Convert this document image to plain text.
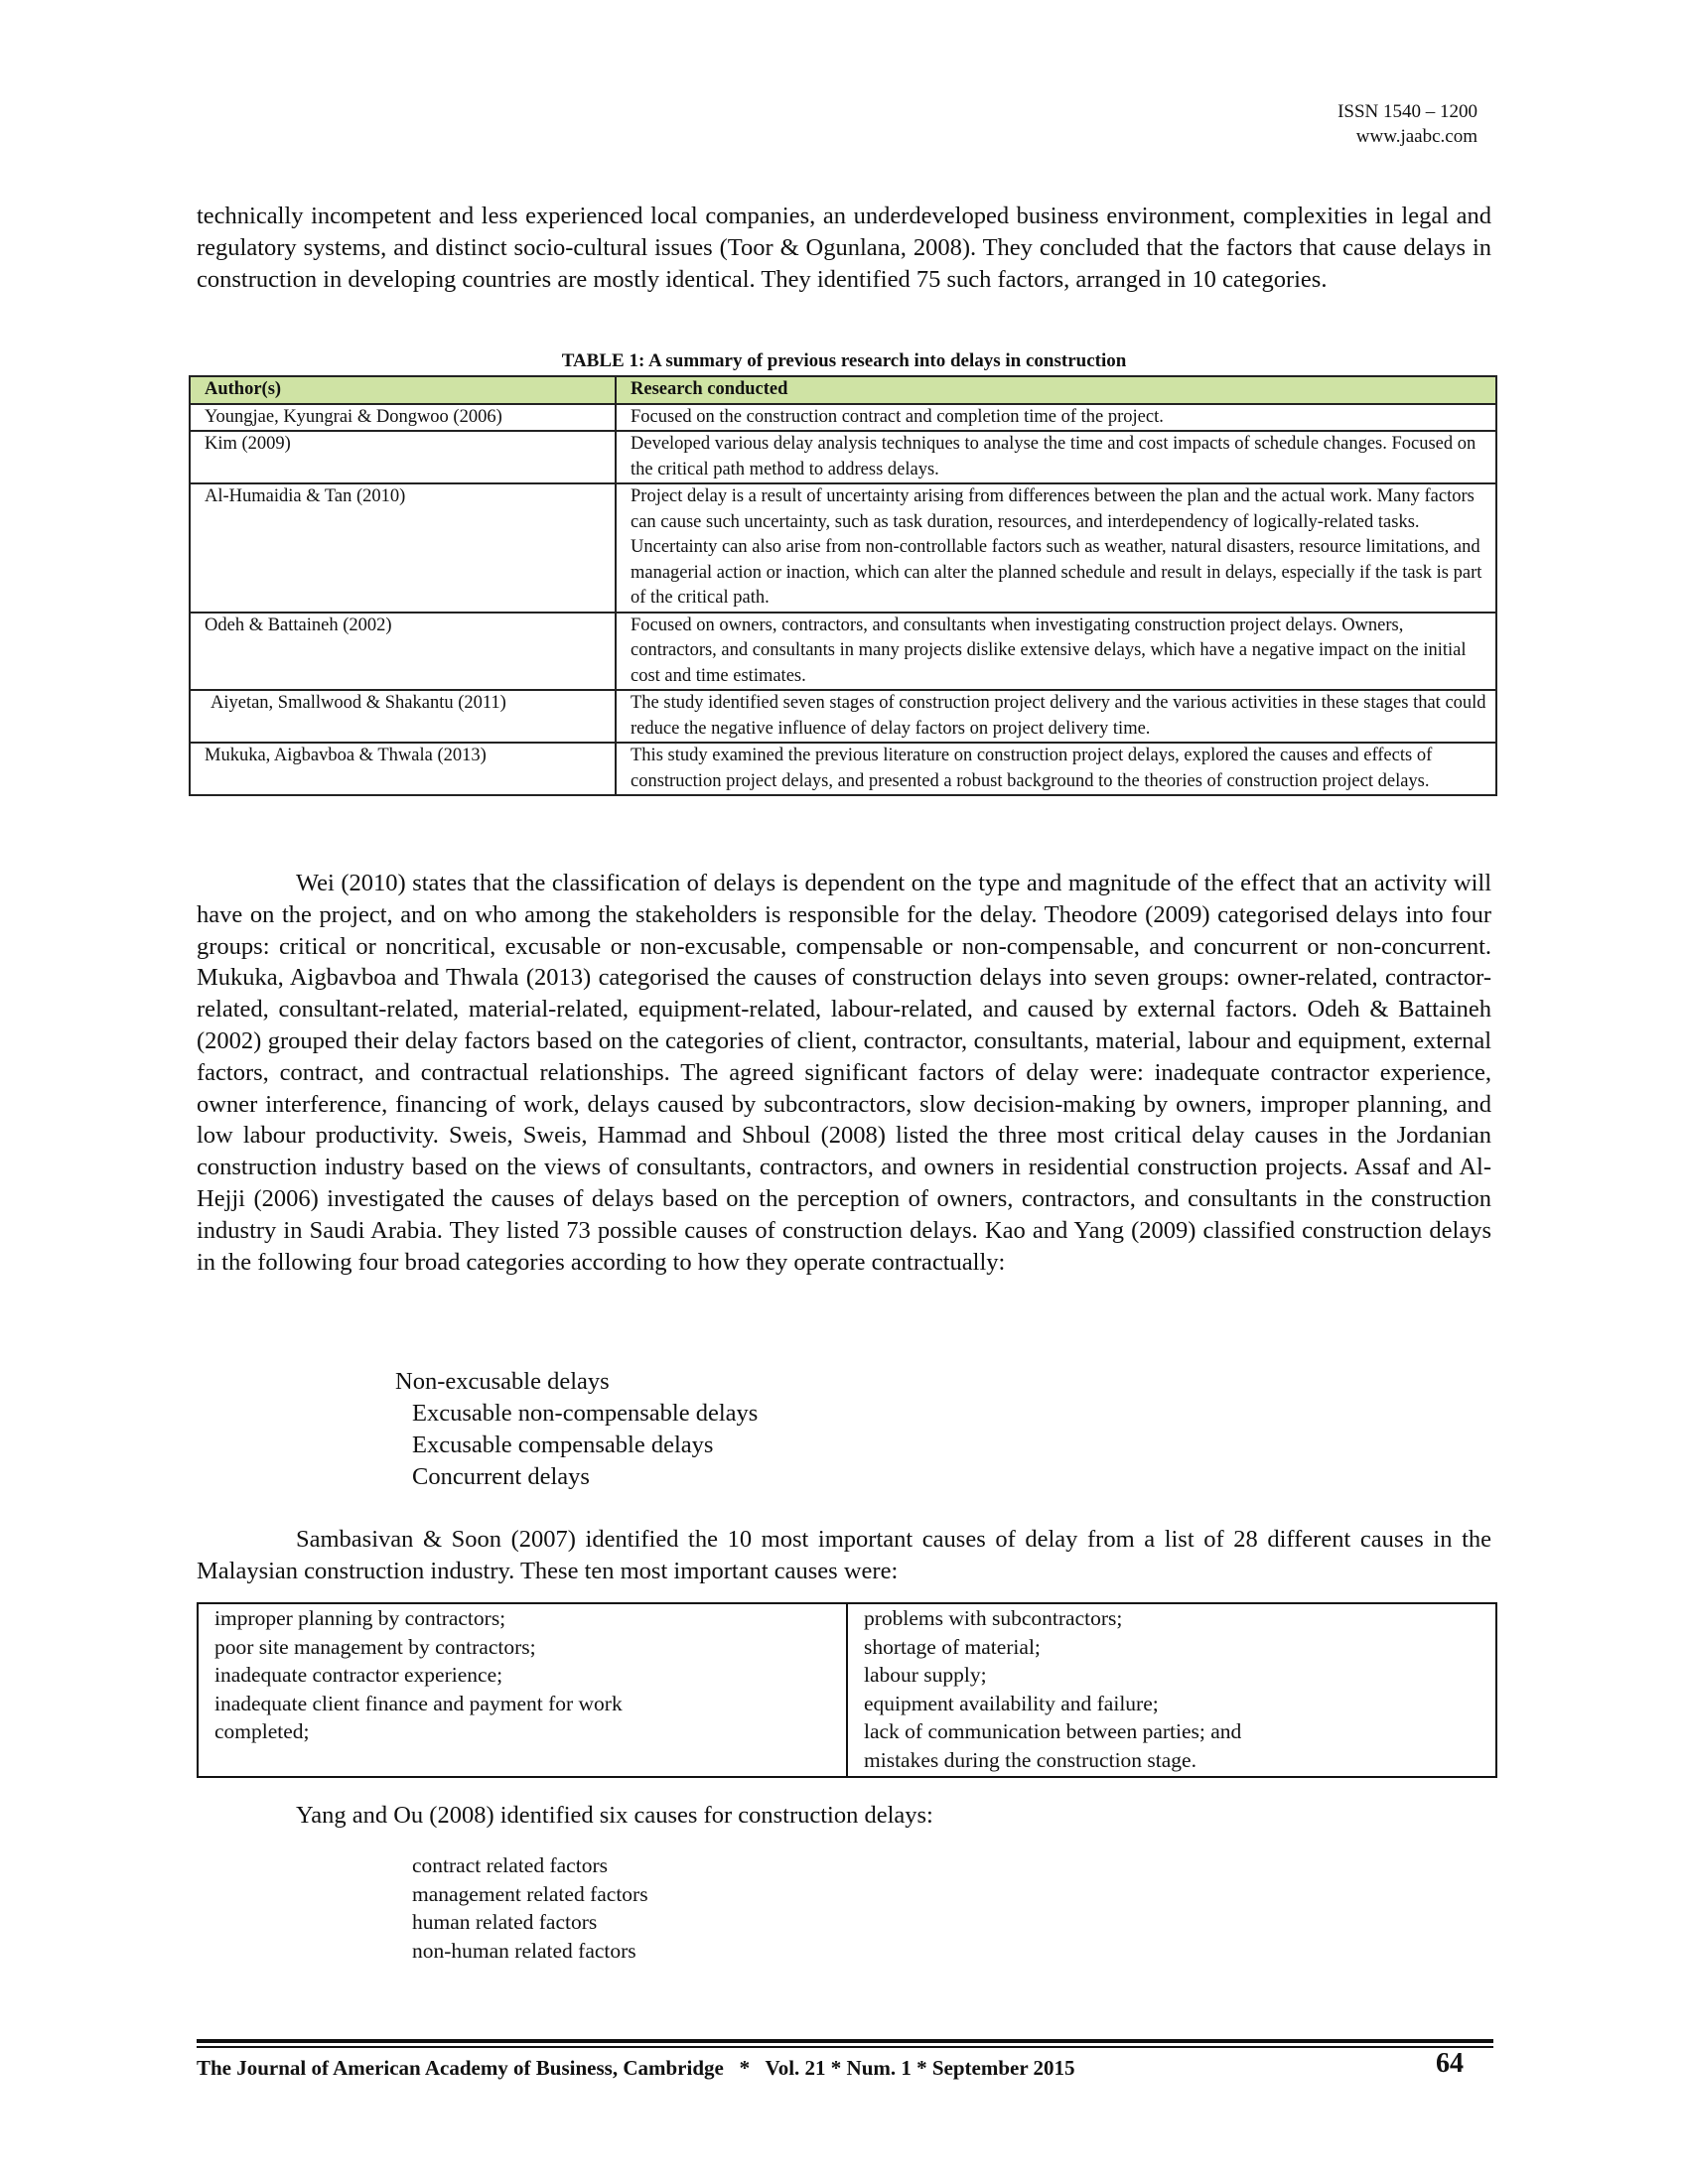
ISSN 1540 – 1200
www.jaabc.com

technically incompetent and less experienced local companies, an underdeveloped business environment, complexities in legal and regulatory systems, and distinct socio-cultural issues (Toor & Ogunlana, 2008). They concluded that the factors that cause delays in construction in developing countries are mostly identical. They identified 75 such factors, arranged in 10 categories.

TABLE 1: A summary of previous research into delays in construction
Author(s)	Research conducted
Youngjae, Kyungrai & Dongwoo (2006)	Focused on the construction contract and completion time of the project.
Kim (2009)	Developed various delay analysis techniques to analyse the time and cost impacts of schedule changes. Focused on the critical path method to address delays.
Al-Humaidia & Tan (2010)	Project delay is a result of uncertainty arising from differences between the plan and the actual work. Many factors can cause such uncertainty, such as task duration, resources, and interdependency of logically-related tasks. Uncertainty can also arise from non-controllable factors such as weather, natural disasters, resource limitations, and managerial action or inaction, which can alter the planned schedule and result in delays, especially if the task is part of the critical path.
Odeh & Battaineh (2002)	Focused on owners, contractors, and consultants when investigating construction project delays. Owners, contractors, and consultants in many projects dislike extensive delays, which have a negative impact on the initial cost and time estimates.
Aiyetan, Smallwood & Shakantu (2011)	The study identified seven stages of construction project delivery and the various activities in these stages that could reduce the negative influence of delay factors on project delivery time.
Mukuka, Aigbavboa & Thwala (2013)	This study examined the previous literature on construction project delays, explored the causes and effects of construction project delays, and presented a robust background to the theories of construction project delays.

Wei (2010) states that the classification of delays is dependent on the type and magnitude of the effect that an activity will have on the project, and on who among the stakeholders is responsible for the delay. Theodore (2009) categorised delays into four groups: critical or noncritical, excusable or non-excusable, compensable or non-compensable, and concurrent or non-concurrent. Mukuka, Aigbavboa and Thwala (2013) categorised the causes of construction delays into seven groups: owner-related, contractor-related, consultant-related, material-related, equipment-related, labour-related, and caused by external factors. Odeh & Battaineh (2002) grouped their delay factors based on the categories of client, contractor, consultants, material, labour and equipment, external factors, contract, and contractual relationships. The agreed significant factors of delay were: inadequate contractor experience, owner interference, financing of work, delays caused by subcontractors, slow decision-making by owners, improper planning, and low labour productivity. Sweis, Sweis, Hammad and Shboul (2008) listed the three most critical delay causes in the Jordanian construction industry based on the views of consultants, contractors, and owners in residential construction projects. Assaf and Al-Hejji (2006) investigated the causes of delays based on the perception of owners, contractors, and consultants in the construction industry in Saudi Arabia. They listed 73 possible causes of construction delays. Kao and Yang (2009) classified construction delays in the following four broad categories according to how they operate contractually:

Non-excusable delays
Excusable non-compensable delays
Excusable compensable delays
Concurrent delays

Sambasivan & Soon (2007) identified the 10 most important causes of delay from a list of 28 different causes in the Malaysian construction industry. These ten most important causes were:

improper planning by contractors;
poor site management by contractors;
inadequate contractor experience;
inadequate client finance and payment for work
completed;

problems with subcontractors;
shortage of material;
labour supply;
equipment availability and failure;
lack of communication between parties; and
mistakes during the construction stage.

Yang and Ou (2008) identified six causes for construction delays:

contract related factors
management related factors
human related factors
non-human related factors
The Journal of American Academy of Business, Cambridge   *   Vol. 21 * Num. 1 * September 2015	64
